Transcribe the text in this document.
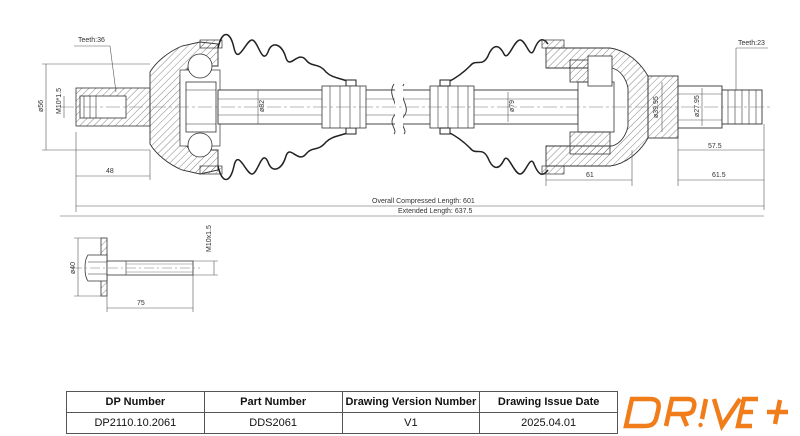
Teeth:36	Teeth:23
ø56 M10*1.5
48
ø82	ø79	ø39.95	ø27.95
57.5
61	61.5
Overall Compressed Length: 601
Extended Length: 637.5
ø40
M10x1.5
75
DP Number	Part Number	Drawing Version Number	Drawing Issue Date
DP2110.10.2061	DDS2061	V1	2025.04.01
